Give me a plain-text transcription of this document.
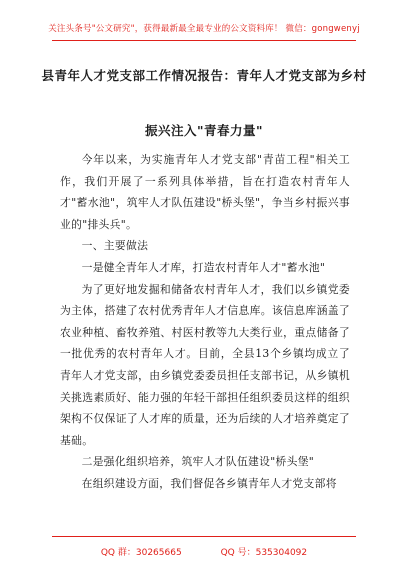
关注头条号"公文研究"，获得最新最全最专业的公文资料库！ 微信：gongwenyj
县青年人才党支部工作情况报告：青年人才党支部为乡村
振兴注入"青春力量"

今年以来，为实施青年人才党支部"青苗工程"相关工作，我们开展了一系列具体举措，旨在打造农村青年人才"蓄水池"，筑牢人才队伍建设"桥头堡"，争当乡村振兴事业的"排头兵"。

一、主要做法

一是健全青年人才库，打造农村青年人才"蓄水池"

为了更好地发掘和储备农村青年人才，我们以乡镇党委为主体，搭建了农村优秀青年人才信息库。该信息库涵盖了农业种植、畜牧养殖、村医村教等九大类行业，重点储备了一批优秀的农村青年人才。目前，全县13个乡镇均成立了青年人才党支部，由乡镇党委委员担任支部书记，从乡镇机关挑选素质好、能力强的年轻干部担任组织委员这样的组织架构不仅保证了人才库的质量，还为后续的人才培养奠定了基础。

二是强化组织培养，筑牢人才队伍建设"桥头堡"

在组织建设方面，我们督促各乡镇青年人才党支部将

QQ 群：30265665	QQ 号：535304092
